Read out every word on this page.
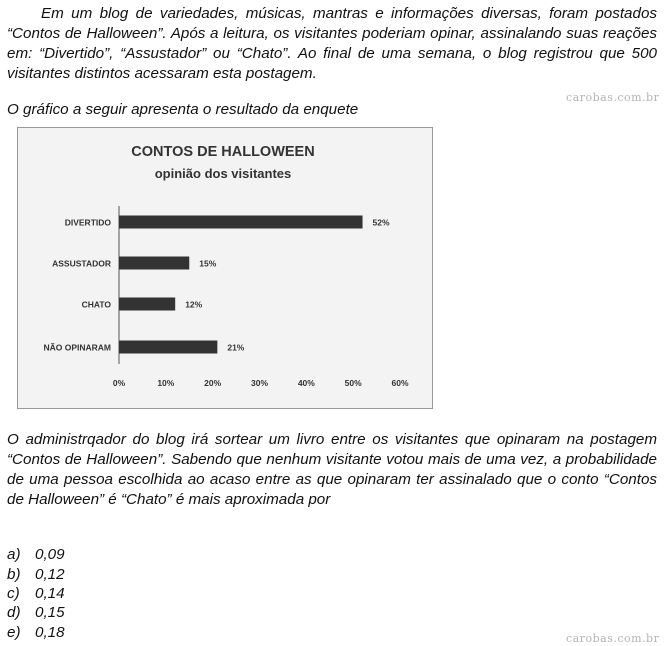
Em um blog de variedades, músicas, mantras e informações diversas, foram postados “Contos de Halloween”. Após a leitura, os visitantes poderiam opinar, assinalando suas reações em: “Divertido”, “Assustador” ou “Chato”. Ao final de uma semana, o blog registrou que 500 visitantes distintos acessaram esta postagem.
carobas.com.br
O gráfico a seguir apresenta o resultado da enquete
CONTOS DE HALLOWEEN
opinião dos visitantes
DIVERTIDO	52%
ASSUSTADOR	15%
CHATO	12%
NÃO OPINARAM	21%
0%	10%	20%	30%	40%	50%	60%
O administrqador do blog irá sortear um livro entre os visitantes que opinaram na postagem “Contos de Halloween”. Sabendo que nenhum visitante votou mais de uma vez, a probabilidade de uma pessoa escolhida ao acaso entre as que opinaram ter assinalado que o conto “Contos de Halloween” é “Chato” é mais aproximada por
a) 0,09
b) 0,12
c) 0,14
d) 0,15
e) 0,18	carobas.com.br
